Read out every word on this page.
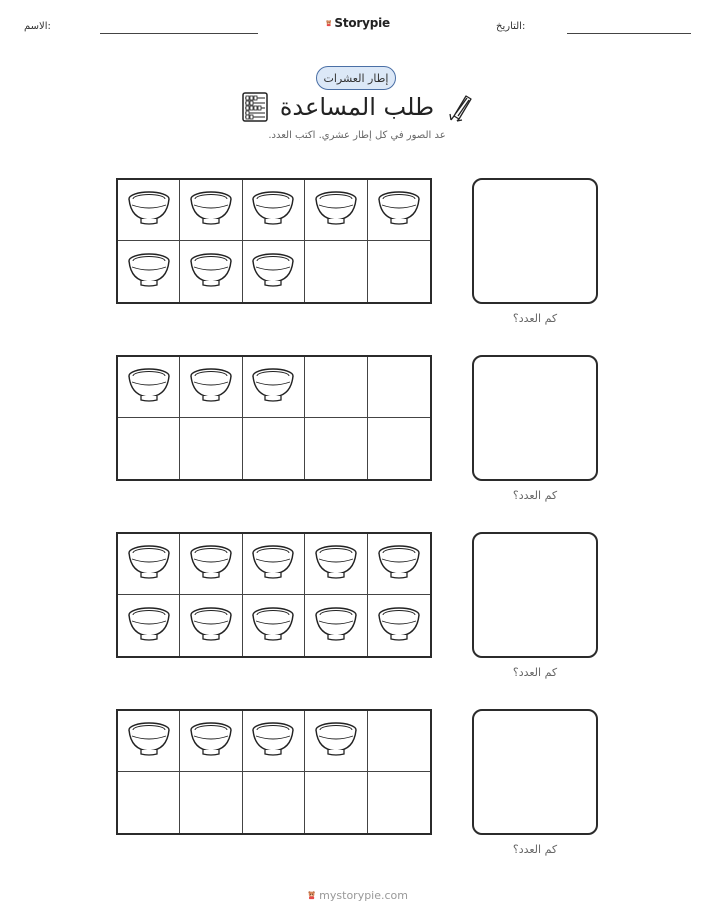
الاسم:	Storypie	التاريخ:
إطار العشرات
طلب المساعدة
عد الصور في كل إطار عشري. اكتب العدد.
كم العدد؟
كم العدد؟
كم العدد؟
كم العدد؟
mystorypie.com
